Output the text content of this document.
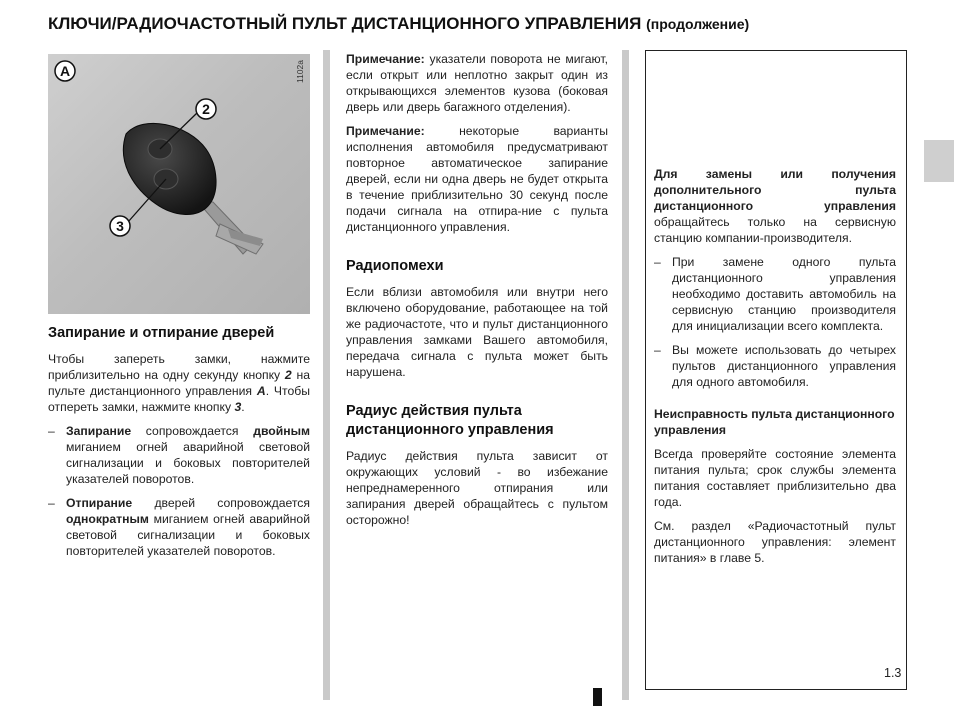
КЛЮЧИ/РАДИОЧАСТОТНЫЙ ПУЛЬТ ДИСТАНЦИОННОГО УПРАВЛЕНИЯ (продолжение)
2
3
A	1102a
Запирание и отпирание дверей

Чтобы запереть замки, нажмите приблизительно на одну секунду кнопку 2 на пульте дистанционного управления A. Чтобы отпереть замки, нажмите кнопку 3.

– Запирание сопровождается двойным миганием огней аварийной световой сигнализации и боковых повторителей указателей поворотов.
– Отпирание дверей сопровождается однократным миганием огней аварийной световой сигнализации и боковых повторителей указателей поворотов.

Примечание: указатели поворота не мигают, если открыт или неплотно закрыт один из открывающихся элементов кузова (боковая дверь или дверь багажного отделения).

Примечание: некоторые варианты исполнения автомобиля предусматривают повторное автоматическое запирание дверей, если ни одна дверь не будет открыта в течение приблизительно 30 секунд после подачи сигнала на отпира-ние с пульта дистанционного управления.

Радиопомехи

Если вблизи автомобиля или внутри него включено оборудование, работающее на той же радиочастоте, что и пульт дистанционного управления замками Вашего автомобиля, передача сигнала с пульта может быть нарушена.

Радиус действия пульта дистанционного управления

Радиус действия пульта зависит от окружающих условий - во избежание непреднамеренного отпирания или запирания дверей обращайтесь с пультом осторожно!

Для замены или получения дополнительного пульта дистанционного управления обращайтесь только на сервисную станцию компании-производителя.

– При замене одного пульта дистанционного управления необходимо доставить автомобиль на сервисную станцию производителя для инициализации всего комплекта.
– Вы можете использовать до четырех пультов дистанционного управления для одного автомобиля.

Неисправность пульта дистанционного управления

Всегда проверяйте состояние элемента питания пульта; срок службы элемента питания составляет приблизительно два года.

См. раздел «Радиочастотный пульт дистанционного управления: элемент питания» в главе 5.

1.3
